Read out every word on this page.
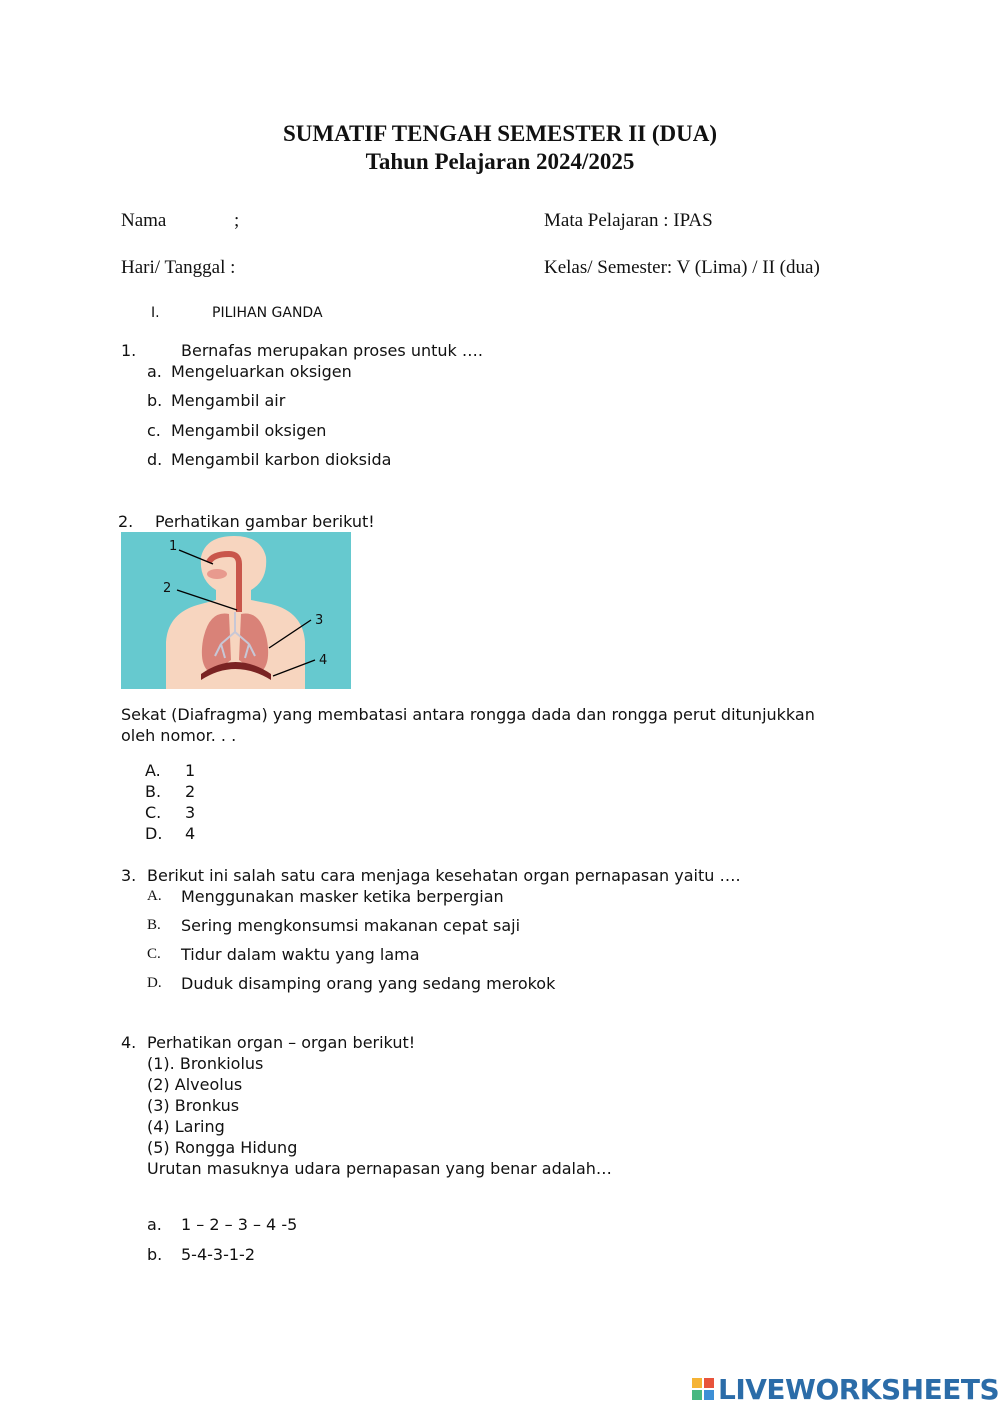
SUMATIF TENGAH SEMESTER II (DUA)
Tahun Pelajaran 2024/2025
Nama	;	Mata Pelajaran : IPAS
Hari/ Tanggal :	Kelas/ Semester: V (Lima) / II (dua)
I.	PILIHAN GANDA
1.	Bernafas merupakan proses untuk ….
a. Mengeluarkan oksigen
b. Mengambil air
c. Mengambil oksigen
d. Mengambil karbon dioksida
2. Perhatikan gambar berikut!
1
2
3
4
Sekat (Diafragma) yang membatasi antara rongga dada dan rongga perut ditunjukkan
oleh nomor. . .
A. 1
B. 2
C. 3
D. 4
3. Berikut ini salah satu cara menjaga kesehatan organ pernapasan yaitu ….
A. Menggunakan masker ketika berpergian
B. Sering mengkonsumsi makanan cepat saji
C. Tidur dalam waktu yang lama
D. Duduk disamping orang yang sedang merokok
4. Perhatikan organ – organ berikut!
(1). Bronkiolus
(2) Alveolus
(3) Bronkus
(4) Laring
(5) Rongga Hidung
Urutan masuknya udara pernapasan yang benar adalah…
a. 1 – 2 – 3 – 4 -5
b. 5-4-3-1-2
LIVEWORKSHEETS
